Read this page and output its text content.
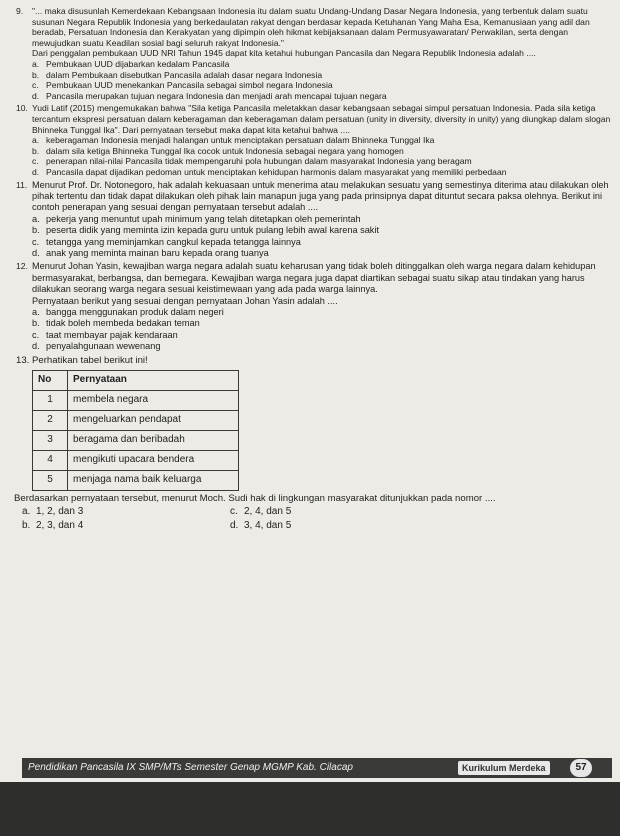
9. "... maka disusunlah Kemerdekaan Kebangsaan Indonesia itu dalam suatu Undang-Undang Dasar Negara Indonesia, yang terbentuk dalam suatu susunan Negara Republik Indonesia yang berkedaulatan rakyat dengan berdasar kepada Ketuhanan Yang Maha Esa, Kemanusiaan yang adil dan beradab, Persatuan Indonesia dan Kerakyatan yang dipimpin oleh hikmat kebijaksanaan dalam Permusyawaratan/ Perwakilan, serta dengan mewujudkan suatu Keadilan sosial bagi seluruh rakyat Indonesia."

Dari penggalan pembukaan UUD NRI Tahun 1945 dapat kita ketahui hubungan Pancasila dan Negara Republik Indonesia adalah ....

a. Pembukaan UUD dijabarkan kedalam Pancasila
b. dalam Pembukaan disebutkan Pancasila adalah dasar negara Indonesia
c. Pembukaan UUD menekankan Pancasila sebagai simbol negara Indonesia
d. Pancasila merupakan tujuan negara Indonesia dan menjadi arah mencapai tujuan negara
10. Yudi Latif (2015) mengemukakan bahwa "Sila ketiga Pancasila meletakkan dasar kebangsaan sebagai simpul persatuan Indonesia. Pada sila ketiga tercantum ekspresi persatuan dalam keberagaman dan keberagaman dalam persatuan (unity in diversity, diversity in unity) yang diungkap dalam slogan Bhinneka Tunggal Ika". Dari pernyataan tersebut maka dapat kita ketahui bahwa ....

a. keberagaman Indonesia menjadi halangan untuk menciptakan persatuan dalam Bhinneka Tunggal Ika
b. dalam sila ketiga Bhinneka Tunggal Ika cocok untuk Indonesia sebagai negara yang homogen
c. penerapan nilai-nilai Pancasila tidak mempengaruhi pola hubungan dalam masyarakat Indonesia yang beragam
d. Pancasila dapat dijadikan pedoman untuk menciptakan kehidupan harmonis dalam masyarakat yang memiliki perbedaan
11. Menurut Prof. Dr. Notonegoro, hak adalah kekuasaan untuk menerima atau melakukan sesuatu yang semestinya diterima atau dilakukan oleh pihak tertentu dan tidak dapat dilakukan oleh pihak lain manapun juga yang pada prinsipnya dapat dituntut secara paksa olehnya. Berikut ini contoh penerapan yang sesuai dengan pernyataan tersebut adalah ....

a. pekerja yang menuntut upah minimum yang telah ditetapkan oleh pemerintah
b. peserta didik yang meminta izin kepada guru untuk pulang lebih awal karena sakit
c. tetangga yang meminjamkan cangkul kepada tetangga lainnya
d. anak yang meminta mainan baru kepada orang tuanya
12. Menurut Johan Yasin, kewajiban warga negara adalah suatu keharusan yang tidak boleh ditinggalkan oleh warga negara dalam kehidupan bermasyarakat, berbangsa, dan bernegara. Kewajiban warga negara juga dapat diartikan sebagai suatu sikap atau tindakan yang harus dilakukan seorang warga negara sesuai keistimewaan yang ada pada warga lainnya.

Pernyataan berikut yang sesuai dengan pernyataan Johan Yasin adalah ....

a. bangga menggunakan produk dalam negeri
b. tidak boleh membeda bedakan teman
c. taat membayar pajak kendaraan
d. penyalahgunaan wewenang
13. Perhatikan tabel berikut ini!

No	Pernyataan
1	membela negara
2	mengeluarkan pendapat
3	beragama dan beribadah
4	mengikuti upacara bendera
5	menjaga nama baik keluarga

Berdasarkan pernyataan tersebut, menurut Moch. Sudi hak di lingkungan masyarakat ditunjukkan pada nomor ....

a. 1, 2, dan 3	c. 2, 4, dan 5
b. 2, 3, dan 4	d. 3, 4, dan 5
Pendidikan Pancasila IX SMP/MTs Semester Genap MGMP Kab. Cilacap	Kurikulum Merdeka	57
